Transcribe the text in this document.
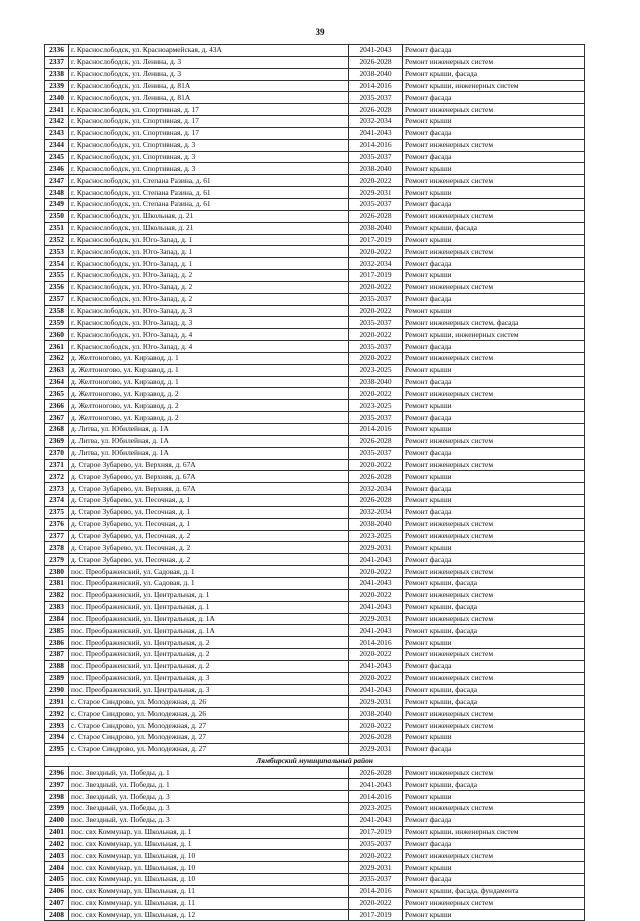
39
2336	г. Краснослободск, ул. Красноармейская, д. 43А	2041-2043	Ремонт фасада
2337	г. Краснослободск, ул. Ленина, д. 3	2026-2028	Ремонт инженерных систем
2338	г. Краснослободск, ул. Ленина, д. 3	2038-2040	Ремонт крыши, фасада
2339	г. Краснослободск, ул. Ленина, д. 81А	2014-2016	Ремонт крыши, инженерных систем
2340	г. Краснослободск, ул. Ленина, д. 81А	2035-2037	Ремонт фасада
2341	г. Краснослободск, ул. Спортивная, д. 17	2026-2028	Ремонт инженерных систем
2342	г. Краснослободск, ул. Спортивная, д. 17	2032-2034	Ремонт крыши
2343	г. Краснослободск, ул. Спортивная, д. 17	2041-2043	Ремонт фасада
2344	г. Краснослободск, ул. Спортивная, д. 3	2014-2016	Ремонт инженерных систем
2345	г. Краснослободск, ул. Спортивная, д. 3	2035-2037	Ремонт фасада
2346	г. Краснослободск, ул. Спортивная, д. 3	2038-2040	Ремонт крыши
2347	г. Краснослободск, ул. Степана Разина, д. 61	2020-2022	Ремонт инженерных систем
2348	г. Краснослободск, ул. Степана Разина, д. 61	2029-2031	Ремонт крыши
2349	г. Краснослободск, ул. Степана Разина, д. 61	2035-2037	Ремонт фасада
2350	г. Краснослободск, ул. Школьная, д. 21	2026-2028	Ремонт инженерных систем
2351	г. Краснослободск, ул. Школьная, д. 21	2038-2040	Ремонт крыши, фасада
2352	г. Краснослободск, ул. Юго-Запад, д. 1	2017-2019	Ремонт крыши
2353	г. Краснослободск, ул. Юго-Запад, д. 1	2020-2022	Ремонт инженерных систем
2354	г. Краснослободск, ул. Юго-Запад, д. 1	2032-2034	Ремонт фасада
2355	г. Краснослободск, ул. Юго-Запад, д. 2	2017-2019	Ремонт крыши
2356	г. Краснослободск, ул. Юго-Запад, д. 2	2020-2022	Ремонт инженерных систем
2357	г. Краснослободск, ул. Юго-Запад, д. 2	2035-2037	Ремонт фасада
2358	г. Краснослободск, ул. Юго-Запад, д. 3	2020-2022	Ремонт крыши
2359	г. Краснослободск, ул. Юго-Запад, д. 3	2035-2037	Ремонт инженерных систем, фасада
2360	г. Краснослободск, ул. Юго-Запад, д. 4	2020-2022	Ремонт крыши, инженерных систем
2361	г. Краснослободск, ул. Юго-Запад, д. 4	2035-2037	Ремонт фасада
2362	д. Желтоногово, ул. Кирзавод, д. 1	2020-2022	Ремонт инженерных систем
2363	д. Желтоногово, ул. Кирзавод, д. 1	2023-2025	Ремонт крыши
2364	д. Желтоногово, ул. Кирзавод, д. 1	2038-2040	Ремонт фасада
2365	д. Желтоногово, ул. Кирзавод, д. 2	2020-2022	Ремонт инженерных систем
2366	д. Желтоногово, ул. Кирзавод, д. 2	2023-2025	Ремонт крыши
2367	д. Желтоногово, ул. Кирзавод, д. 2	2035-2037	Ремонт фасада
2368	д. Литва, ул. Юбилейная, д. 1А	2014-2016	Ремонт крыши
2369	д. Литва, ул. Юбилейная, д. 1А	2026-2028	Ремонт инженерных систем
2370	д. Литва, ул. Юбилейная, д. 1А	2035-2037	Ремонт фасада
2371	д. Старое Зубарево, ул. Верхняя, д. 67А	2020-2022	Ремонт инженерных систем
2372	д. Старое Зубарево, ул. Верхняя, д. 67А	2026-2028	Ремонт крыши
2373	д. Старое Зубарево, ул. Верхняя, д. 67А	2032-2034	Ремонт фасада
2374	д. Старое Зубарево, ул. Песочная, д. 1	2026-2028	Ремонт крыши
2375	д. Старое Зубарево, ул. Песочная, д. 1	2032-2034	Ремонт фасада
2376	д. Старое Зубарево, ул. Песочная, д. 1	2038-2040	Ремонт инженерных систем
2377	д. Старое Зубарево, ул. Песочная, д. 2	2023-2025	Ремонт инженерных систем
2378	д. Старое Зубарево, ул. Песочная, д. 2	2029-2031	Ремонт крыши
2379	д. Старое Зубарево, ул. Песочная, д. 2	2041-2043	Ремонт фасада
2380	пос. Преображенский, ул. Садовая, д. 1	2020-2022	Ремонт инженерных систем
2381	пос. Преображенский, ул. Садовая, д. 1	2041-2043	Ремонт крыши, фасада
2382	пос. Преображенский, ул. Центральная, д. 1	2020-2022	Ремонт инженерных систем
2383	пос. Преображенский, ул. Центральная, д. 1	2041-2043	Ремонт крыши, фасада
2384	пос. Преображенский, ул. Центральная, д. 1А	2029-2031	Ремонт инженерных систем
2385	пос. Преображенский, ул. Центральная, д. 1А	2041-2043	Ремонт крыши, фасада
2386	пос. Преображенский, ул. Центральная, д. 2	2014-2016	Ремонт крыши
2387	пос. Преображенский, ул. Центральная, д. 2	2020-2022	Ремонт инженерных систем
2388	пос. Преображенский, ул. Центральная, д. 2	2041-2043	Ремонт фасада
2389	пос. Преображенский, ул. Центральная, д. 3	2020-2022	Ремонт инженерных систем
2390	пос. Преображенский, ул. Центральная, д. 3	2041-2043	Ремонт крыши, фасада
2391	с. Старое Синдрово, ул. Молодежная, д. 26	2029-2031	Ремонт крыши, фасада
2392	с. Старое Синдрово, ул. Молодежная, д. 26	2038-2040	Ремонт инженерных систем
2393	с. Старое Синдрово, ул. Молодежная, д. 27	2020-2022	Ремонт инженерных систем
2394	с. Старое Синдрово, ул. Молодежная, д. 27	2026-2028	Ремонт крыши
2395	с. Старое Синдрово, ул. Молодежная, д. 27	2029-2031	Ремонт фасада
Лямбирский муниципальный район			
2396	пос. Звездный, ул. Победы, д. 1	2026-2028	Ремонт инженерных систем
2397	пос. Звездный, ул. Победы, д. 1	2041-2043	Ремонт крыши, фасада
2398	пос. Звездный, ул. Победы, д. 3	2014-2016	Ремонт крыши
2399	пос. Звездный, ул. Победы, д. 3	2023-2025	Ремонт инженерных систем
2400	пос. Звездный, ул. Победы, д. 3	2041-2043	Ремонт фасада
2401	пос. свх Коммунар, ул. Школьная, д. 1	2017-2019	Ремонт крыши, инженерных систем
2402	пос. свх Коммунар, ул. Школьная, д. 1	2035-2037	Ремонт фасада
2403	пос. свх Коммунар, ул. Школьная, д. 10	2020-2022	Ремонт инженерных систем
2404	пос. свх Коммунар, ул. Школьная, д. 10	2029-2031	Ремонт крыши
2405	пос. свх Коммунар, ул. Школьная, д. 10	2035-2037	Ремонт фасада
2406	пос. свх Коммунар, ул. Школьная, д. 11	2014-2016	Ремонт крыши, фасада, фундамента
2407	пос. свх Коммунар, ул. Школьная, д. 11	2020-2022	Ремонт инженерных систем
2408	пос. свх Коммунар, ул. Школьная, д. 12	2017-2019	Ремонт крыши
